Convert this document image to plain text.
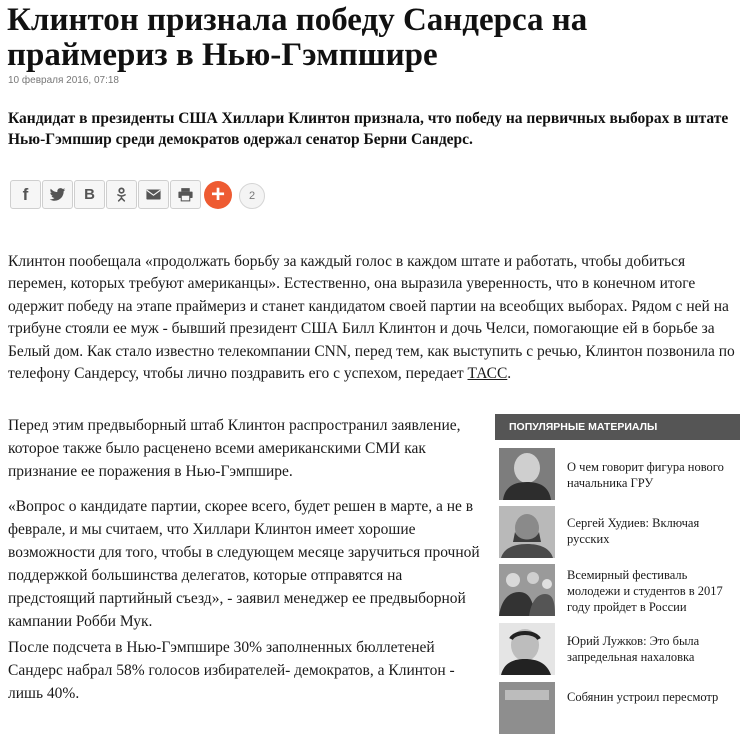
Клинтон признала победу Сандерса на праймериз в Нью-Гэмпшире
10 февраля 2016, 07:18

Кандидат в президенты США Хиллари Клинтон признала, что победу на первичных выборах в штате Нью-Гэмпшир среди демократов одержал сенатор Берни Сандерс.

f	B	+	2

Клинтон пообещала «продолжать борьбу за каждый голос в каждом штате и работать, чтобы добиться перемен, которых требуют американцы». Естественно, она выразила уверенность, что в конечном итоге одержит победу на этапе праймериз и станет кандидатом своей партии на всеобщих выборах. Рядом с ней на трибуне стояли ее муж - бывший президент США Билл Клинтон и дочь Челси, помогающие ей в борьбе за Белый дом. Как стало известно телекомпании CNN, перед тем, как выступить с речью, Клинтон позвонила по телефону Сандерсу, чтобы лично поздравить его с успехом, передает ТАСС.

Перед этим предвыборный штаб Клинтон распространил заявление, которое также было расценено всеми американскими СМИ как признание ее поражения в Нью-Гэмпшире.

«Вопрос о кандидате партии, скорее всего, будет решен в марте, а не в феврале, и мы считаем, что Хиллари Клинтон имеет хорошие возможности для того, чтобы в следующем месяце заручиться прочной поддержкой большинства делегатов, которые отправятся на предстоящий партийный съезд», - заявил менеджер ее предвыборной кампании Робби Мук.

После подсчета в Нью-Гэмпшире 30% заполненных бюллетеней Сандерс набрал 58% голосов избирателей- демократов, а Клинтон - лишь 40%.

ПОПУЛЯРНЫЕ МАТЕРИАЛЫ
О чем говорит фигура нового начальника ГРУ
Сергей Худиев: Включая русских
Всемирный фестиваль молодежи и студентов в 2017 году пройдет в России
Юрий Лужков: Это была запредельная нахаловка
Собянин устроил пересмотр
